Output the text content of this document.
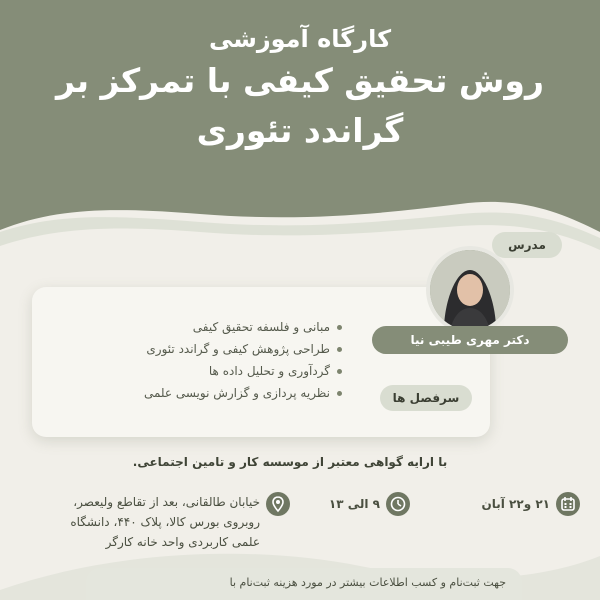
کارگاه آموزشی
روش تحقیق کیفی با تمرکز بر
گراندد تئوری
مبانی و فلسفه تحقیق کیفی
طراحی پژوهش کیفی و گراندد تئوری
گردآوری و تحلیل داده ها
نظریه پردازی و گزارش نویسی علمی	سرفصل ها
مدرس
دکتر مهری طیبی نیا
با ارایه گواهی معتبر از موسسه کار و تامین اجتماعی.
۲۱ و۲۲ آبان
۹ الی ۱۳
خیابان طالقانی، بعد از تقاطع ولیعصر،
روبروی بورس کالا، پلاک ۴۴۰، دانشگاه
علمی کاربردی واحد خانه کارگر
جهت ثبت‌نام و کسب اطلاعات بیشتر در مورد هزینه ثبت‌نام با
